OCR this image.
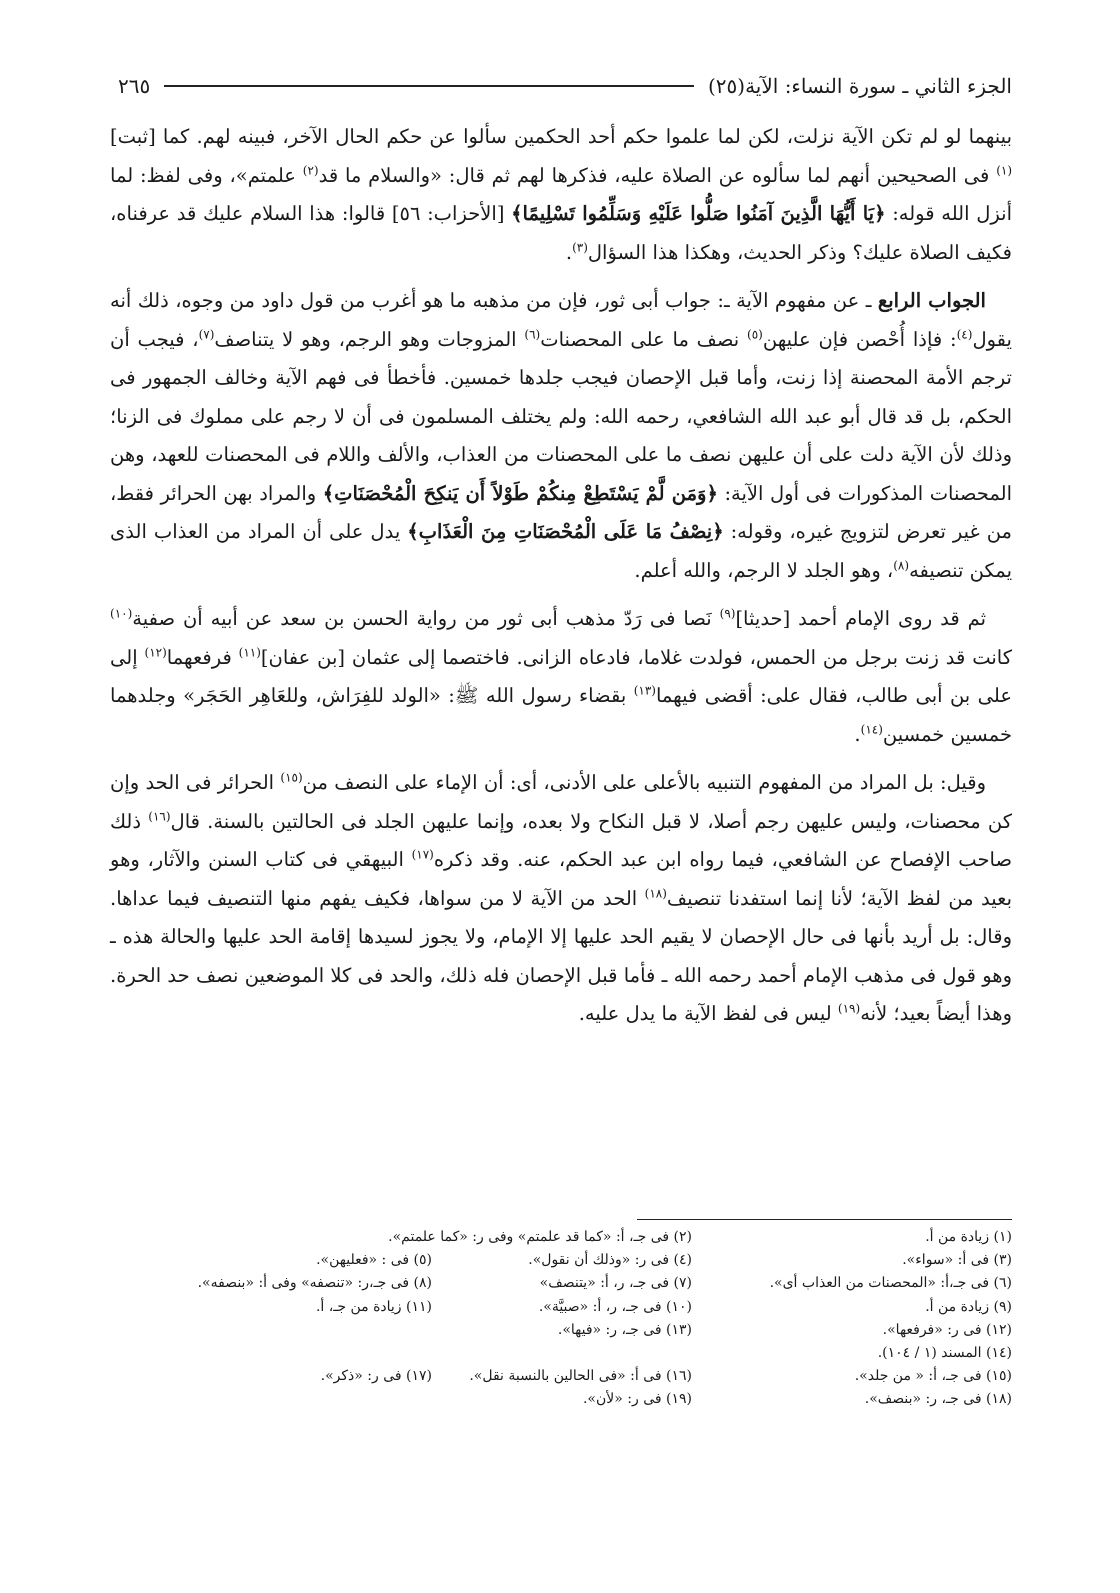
الجزء الثاني ـ سورة النساء: الآية(٢٥)
٢٦٥

بينهما لو لم تكن الآية نزلت، لكن لما علموا حكم أحد الحكمين سألوا عن حكم الحال الآخر، فبينه لهم. كما [ثبت] $^{(١)}$ فى الصحيحين أنهم لما سألوه عن الصلاة عليه، فذكرها لهم ثم قال: «والسلام ما قد$^{(٢)}$ علمتم»، وفى لفظ: لما أنزل الله قوله: ﴿يَا أَيُّهَا الَّذِينَ آمَنُوا صَلُّوا عَلَيْهِ وَسَلِّمُوا تَسْلِيمًا﴾ [الأحزاب: ٥٦] قالوا: هذا السلام عليك قد عرفناه، فكيف الصلاة عليك؟ وذكر الحديث، وهكذا هذا السؤال$^{(٣)}$.

الجواب الرابع ـ عن مفهوم الآية ـ: جواب أبى ثور، فإن من مذهبه ما هو أغرب من قول داود من وجوه، ذلك أنه يقول$^{(٤)}$: فإذا أُحْصن فإن عليهن$^{(٥)}$ نصف ما على المحصنات$^{(٦)}$ المزوجات وهو الرجم، وهو لا يتناصف$^{(٧)}$، فيجب أن ترجم الأمة المحصنة إذا زنت، وأما قبل الإحصان فيجب جلدها خمسين. فأخطأ فى فهم الآية وخالف الجمهور فى الحكم، بل قد قال أبو عبد الله الشافعي، رحمه الله: ولم يختلف المسلمون فى أن لا رجم على مملوك فى الزنا؛ وذلك لأن الآية دلت على أن عليهن نصف ما على المحصنات من العذاب، والألف واللام فى المحصنات للعهد، وهن المحصنات المذكورات فى أول الآية: ﴿وَمَن لَّمْ يَسْتَطِعْ مِنكُمْ طَوْلاً أَن يَنكِحَ الْمُحْصَنَاتِ﴾ والمراد بهن الحرائر فقط، من غير تعرض لتزويج غيره، وقوله: ﴿نِصْفُ مَا عَلَى الْمُحْصَنَاتِ مِنَ الْعَذَابِ﴾ يدل على أن المراد من العذاب الذى يمكن تنصيفه$^{(٨)}$، وهو الجلد لا الرجم، والله أعلم.

ثم قد روى الإمام أحمد [حديثا]$^{(٩)}$ نَصا فى رَدّ مذهب أبى ثور من رواية الحسن بن سعد عن أبيه أن صفية$^{(١٠)}$ كانت قد زنت برجل من الحمس، فولدت غلاما، فادعاه الزانى. فاختصما إلى عثمان [بن عفان]$^{(١١)}$ فرفعهما$^{(١٢)}$ إلى على بن أبى طالب، فقال على: أقضى فيهما$^{(١٣)}$ بقضاء رسول الله ﷺ: «الولد للفِرَاش، وللعَاهِر الحَجَر» وجلدهما خمسين خمسين$^{(١٤)}$.

وقيل: بل المراد من المفهوم التنبيه بالأعلى على الأدنى، أى: أن الإماء على النصف من$^{(١٥)}$ الحرائر فى الحد وإن كن محصنات، وليس عليهن رجم أصلا، لا قبل النكاح ولا بعده، وإنما عليهن الجلد فى الحالتين بالسنة. قال$^{(١٦)}$ ذلك صاحب الإفصاح عن الشافعي، فيما رواه ابن عبد الحكم، عنه. وقد ذكره$^{(١٧)}$ البيهقي فى كتاب السنن والآثار، وهو بعيد من لفظ الآية؛ لأنا إنما استفدنا تنصيف$^{(١٨)}$ الحد من الآية لا من سواها، فكيف يفهم منها التنصيف فيما عداها. وقال: بل أريد بأنها فى حال الإحصان لا يقيم الحد عليها إلا الإمام، ولا يجوز لسيدها إقامة الحد عليها والحالة هذه ـ وهو قول فى مذهب الإمام أحمد رحمه الله ـ فأما قبل الإحصان فله ذلك، والحد فى كلا الموضعين نصف حد الحرة. وهذا أيضاً بعيد؛ لأنه$^{(١٩)}$ ليس فى لفظ الآية ما يدل عليه.

(١) زيادة من أ.
(٢) فى جـ، أ: «كما قد علمتم» وفى ر: «كما علمتم».
(٣) فى أ: «سواء».
(٤) فى ر: «وذلك أن نقول».
(٥) فى : «فعليهن».
(٦) فى جـ،أ: «المحصنات من العذاب أى».
(٧) فى جـ، ر، أ: «يتنصف»
(٨) فى جـ،ر: «تنصفه» وفى أ: «بنصفه».
(٩) زيادة من أ.
(١٠) فى جـ، ر، أ: «صبيَّة».
(١١) زيادة من جـ، أ.
(١٢) فى ر: «فرفعها».
(١٣) فى جـ، ر: «فيها».
(١٤) المسند (١ / ١٠٤).
(١٥) فى جـ، أ: « من جلد».
(١٦) فى أ: «فى الحالين بالنسبة نقل».
(١٧) فى ر: «ذكر».
(١٨) فى جـ، ر: «بنصف».
(١٩) فى ر: «لأن».
